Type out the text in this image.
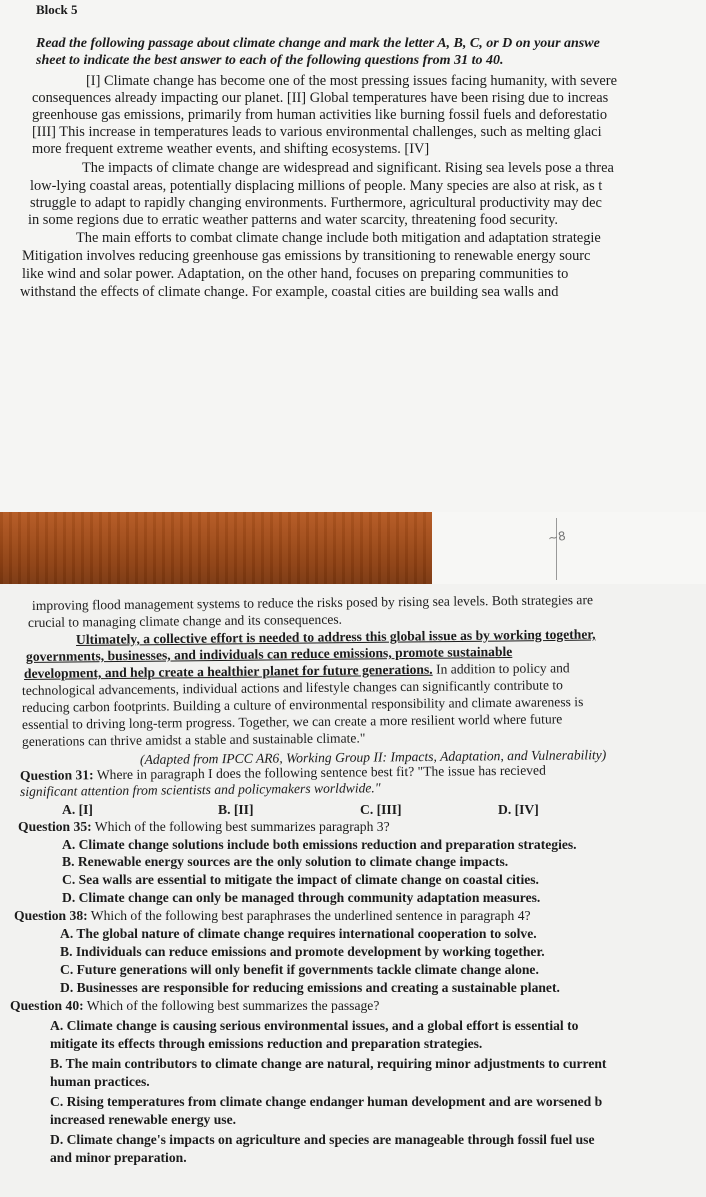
Block 5
Read the following passage about climate change and mark the letter A, B, C, or D on your answe
sheet to indicate the best answer to each of the following questions from 31 to 40.
[I] Climate change has become one of the most pressing issues facing humanity, with severe
consequences already impacting our planet. [II] Global temperatures have been rising due to increas
greenhouse gas emissions, primarily from human activities like burning fossil fuels and deforestatio
[III] This increase in temperatures leads to various environmental challenges, such as melting glaci
more frequent extreme weather events, and shifting ecosystems. [IV]
The impacts of climate change are widespread and significant. Rising sea levels pose a threa
low-lying coastal areas, potentially displacing millions of people. Many species are also at risk, as t
struggle to adapt to rapidly changing environments. Furthermore, agricultural productivity may dec
in some regions due to erratic weather patterns and water scarcity, threatening food security.
The main efforts to combat climate change include both mitigation and adaptation strategie
Mitigation involves reducing greenhouse gas emissions by transitioning to renewable energy sourc
like wind and solar power. Adaptation, on the other hand, focuses on preparing communities to
withstand the effects of climate change. For example, coastal cities are building sea walls and
~8
improving flood management systems to reduce the risks posed by rising sea levels. Both strategies are
crucial to managing climate change and its consequences.
Ultimately, a collective effort is needed to address this global issue as by working together,
governments, businesses, and individuals can reduce emissions, promote sustainable
development, and help create a healthier planet for future generations. In addition to policy and
technological advancements, individual actions and lifestyle changes can significantly contribute to
reducing carbon footprints. Building a culture of environmental responsibility and climate awareness is
essential to driving long-term progress. Together, we can create a more resilient world where future
generations can thrive amidst a stable and sustainable climate."
(Adapted from IPCC AR6, Working Group II: Impacts, Adaptation, and Vulnerability)
Question 31: Where in paragraph I does the following sentence best fit? "The issue has recieved
significant attention from scientists and policymakers worldwide."
A. [I]	B. [II]	C. [III]	D. [IV]
Question 35: Which of the following best summarizes paragraph 3?
A. Climate change solutions include both emissions reduction and preparation strategies.
B. Renewable energy sources are the only solution to climate change impacts.
C. Sea walls are essential to mitigate the impact of climate change on coastal cities.
D. Climate change can only be managed through community adaptation measures.
Question 38: Which of the following best paraphrases the underlined sentence in paragraph 4?
A. The global nature of climate change requires international cooperation to solve.
B. Individuals can reduce emissions and promote development by working together.
C. Future generations will only benefit if governments tackle climate change alone.
D. Businesses are responsible for reducing emissions and creating a sustainable planet.
Question 40: Which of the following best summarizes the passage?
A. Climate change is causing serious environmental issues, and a global effort is essential to
mitigate its effects through emissions reduction and preparation strategies.
B. The main contributors to climate change are natural, requiring minor adjustments to current
human practices.
C. Rising temperatures from climate change endanger human development and are worsened b
increased renewable energy use.
D. Climate change's impacts on agriculture and species are manageable through fossil fuel use
and minor preparation.
